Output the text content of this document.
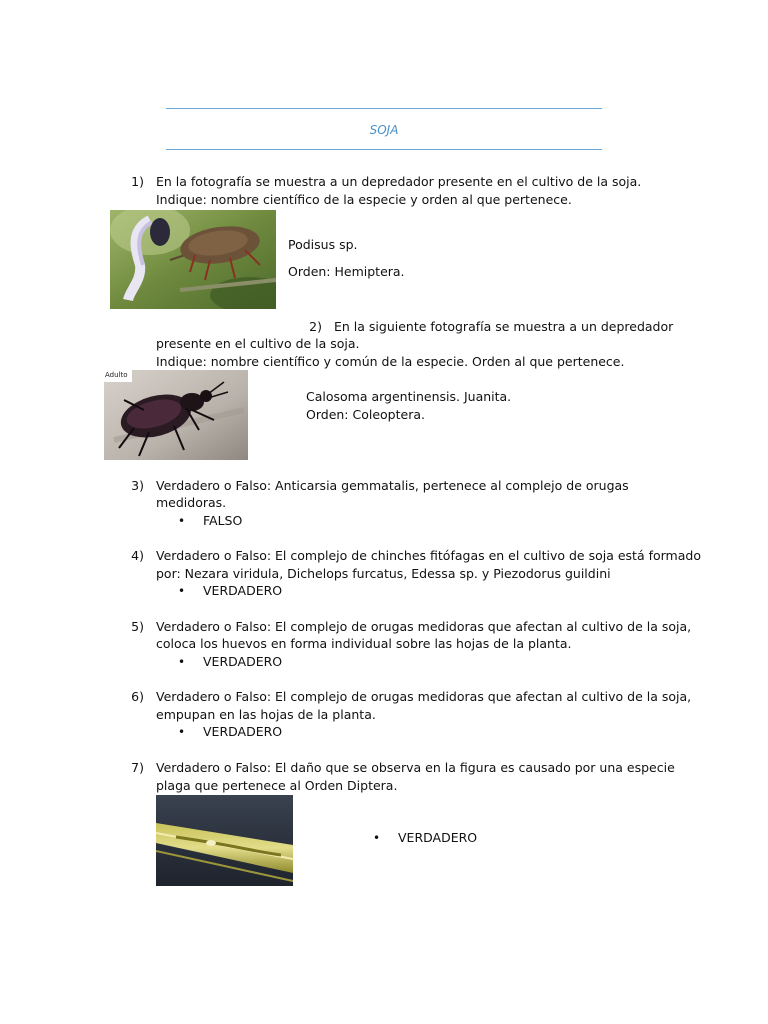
SOJA
1) En la fotografía se muestra a un depredador presente en el cultivo de la soja.
Indique: nombre científico de la especie y orden al que pertenece.
Podisus sp.
Orden: Hemiptera.
2) En la siguiente fotografía se muestra a un depredador
presente en el cultivo de la soja.
Indique: nombre científico y común de la especie. Orden al que pertenece.
Adulto
Calosoma argentinensis. Juanita.
Orden: Coleoptera.
3) Verdadero o Falso: Anticarsia gemmatalis, pertenece al complejo de orugas
medidoras.
• FALSO
4) Verdadero o Falso: El complejo de chinches fitófagas en el cultivo de soja está formado
por: Nezara viridula, Dichelops furcatus, Edessa sp. y Piezodorus guildini
• VERDADERO
5) Verdadero o Falso: El complejo de orugas medidoras que afectan al cultivo de la soja,
coloca los huevos en forma individual sobre las hojas de la planta.
• VERDADERO
6) Verdadero o Falso: El complejo de orugas medidoras que afectan al cultivo de la soja,
empupan en las hojas de la planta.
• VERDADERO
7) Verdadero o Falso: El daño que se observa en la figura es causado por una especie
plaga que pertenece al Orden Diptera.
• VERDADERO
